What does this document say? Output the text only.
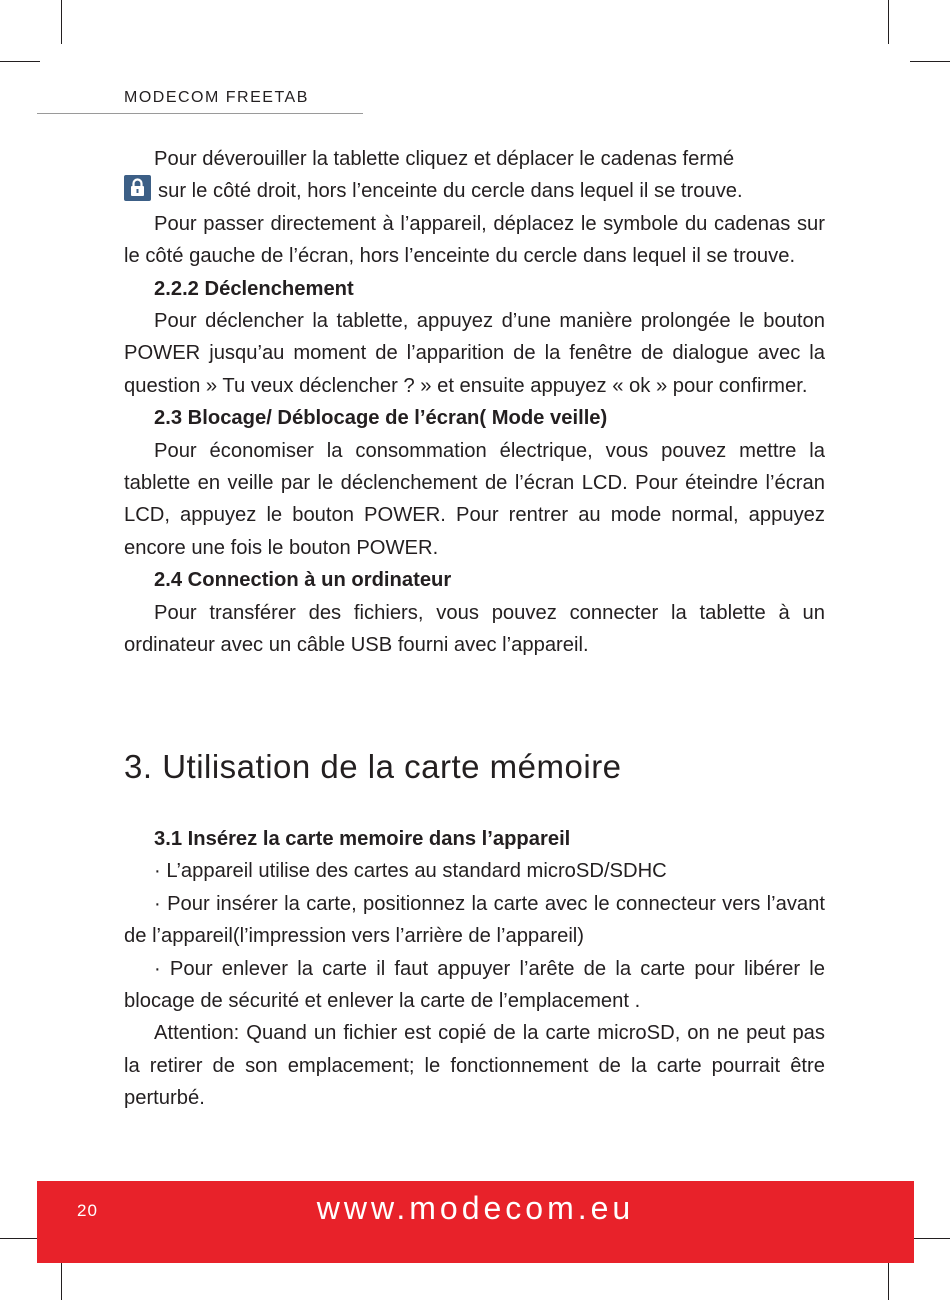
MODECOM FREETAB

Pour déverouiller la tablette cliquez et déplacer le cadenas fermé

sur le côté droit, hors l’enceinte du cercle dans lequel il se trouve.

Pour passer directement à l’appareil, déplacez le symbole du cadenas sur le côté gauche de l’écran, hors l’enceinte du cercle dans lequel il se trouve.

2.2.2 Déclenchement

Pour déclencher la tablette, appuyez d’une manière prolongée le bouton POWER jusqu’au moment de l’apparition de la fenêtre de dialogue avec la question » Tu veux déclencher ? » et ensuite appuyez « ok » pour confirmer.

2.3 Blocage/ Déblocage de l’écran( Mode veille)

Pour économiser la consommation électrique, vous pouvez mettre la tablette en veille par le déclenchement de l’écran LCD. Pour éteindre l’écran LCD, appuyez le bouton POWER. Pour rentrer au mode normal, appuyez encore une fois le bouton POWER.

2.4 Connection à un ordinateur

Pour transférer des fichiers, vous pouvez connecter la tablette à un ordinateur avec un câble USB fourni avec l’appareil.

3. Utilisation de la carte mémoire

3.1 Insérez la carte memoire dans l’appareil

· L’appareil utilise des cartes au standard microSD/SDHC

· Pour insérer la carte, positionnez la carte avec le connecteur vers l’avant de l’appareil(l’impression vers l’arrière de l’appareil)

· Pour enlever la carte il faut appuyer l’arête de la carte pour libérer le blocage de sécurité et enlever la carte de l’emplacement .

Attention: Quand un fichier est copié de la carte microSD, on ne peut pas la retirer de son emplacement; le fonctionnement de la carte pourrait être perturbé.

20	www.modecom.eu
